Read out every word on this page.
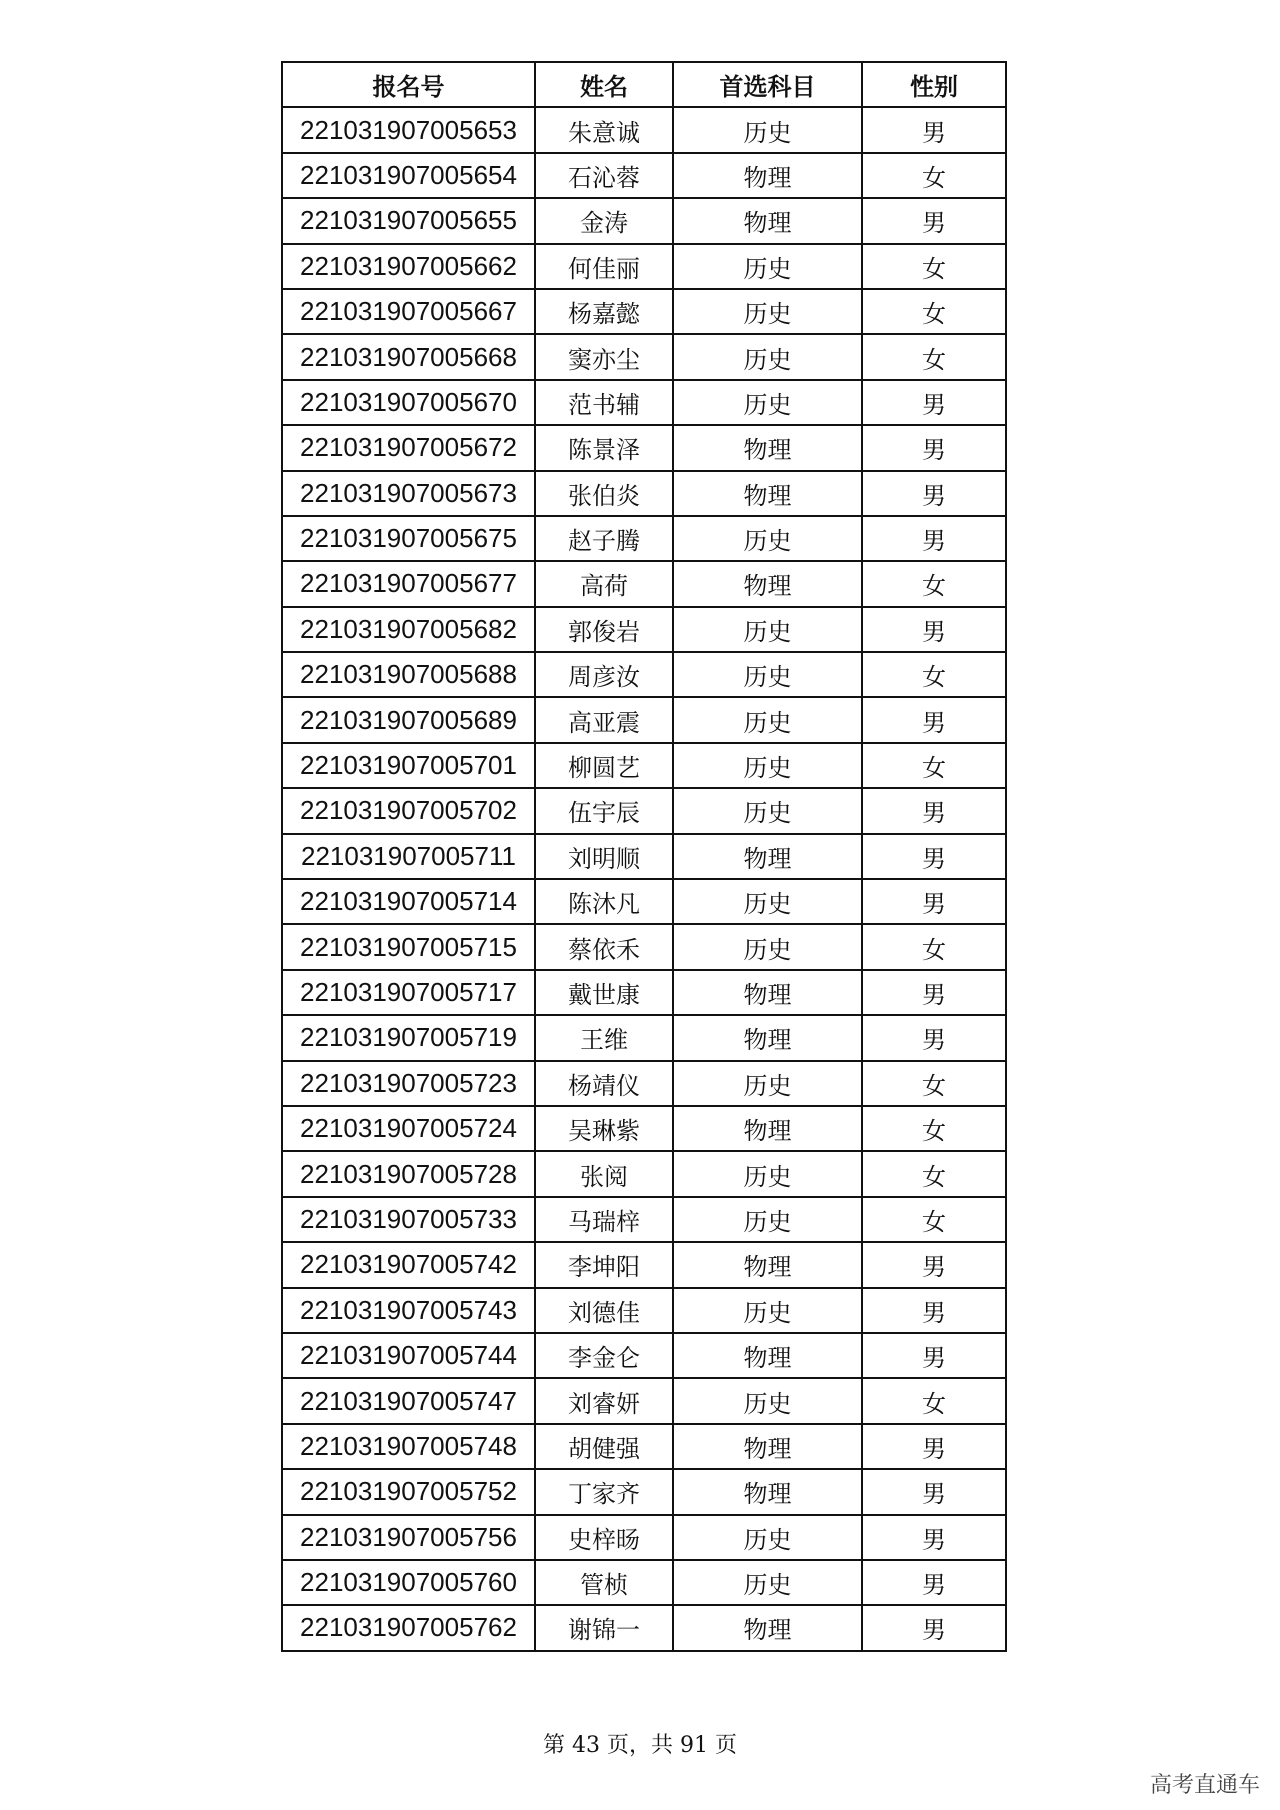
报名号	姓名	首选科目	性别
221031907005653	朱意诚	历史	男
221031907005654	石沁蓉	物理	女
221031907005655	金涛	物理	男
221031907005662	何佳丽	历史	女
221031907005667	杨嘉懿	历史	女
221031907005668	窦亦尘	历史	女
221031907005670	范书辅	历史	男
221031907005672	陈景泽	物理	男
221031907005673	张伯炎	物理	男
221031907005675	赵子腾	历史	男
221031907005677	高荷	物理	女
221031907005682	郭俊岩	历史	男
221031907005688	周彦汝	历史	女
221031907005689	高亚震	历史	男
221031907005701	柳圆艺	历史	女
221031907005702	伍宇辰	历史	男
221031907005711	刘明顺	物理	男
221031907005714	陈沐凡	历史	男
221031907005715	蔡依禾	历史	女
221031907005717	戴世康	物理	男
221031907005719	王维	物理	男
221031907005723	杨靖仪	历史	女
221031907005724	吴琳紫	物理	女
221031907005728	张阅	历史	女
221031907005733	马瑞梓	历史	女
221031907005742	李坤阳	物理	男
221031907005743	刘德佳	历史	男
221031907005744	李金仑	物理	男
221031907005747	刘睿妍	历史	女
221031907005748	胡健强	物理	男
221031907005752	丁家齐	物理	男
221031907005756	史梓旸	历史	男
221031907005760	管桢	历史	男
221031907005762	谢锦一	物理	男
第 43 页，共 91 页
高考直通车
